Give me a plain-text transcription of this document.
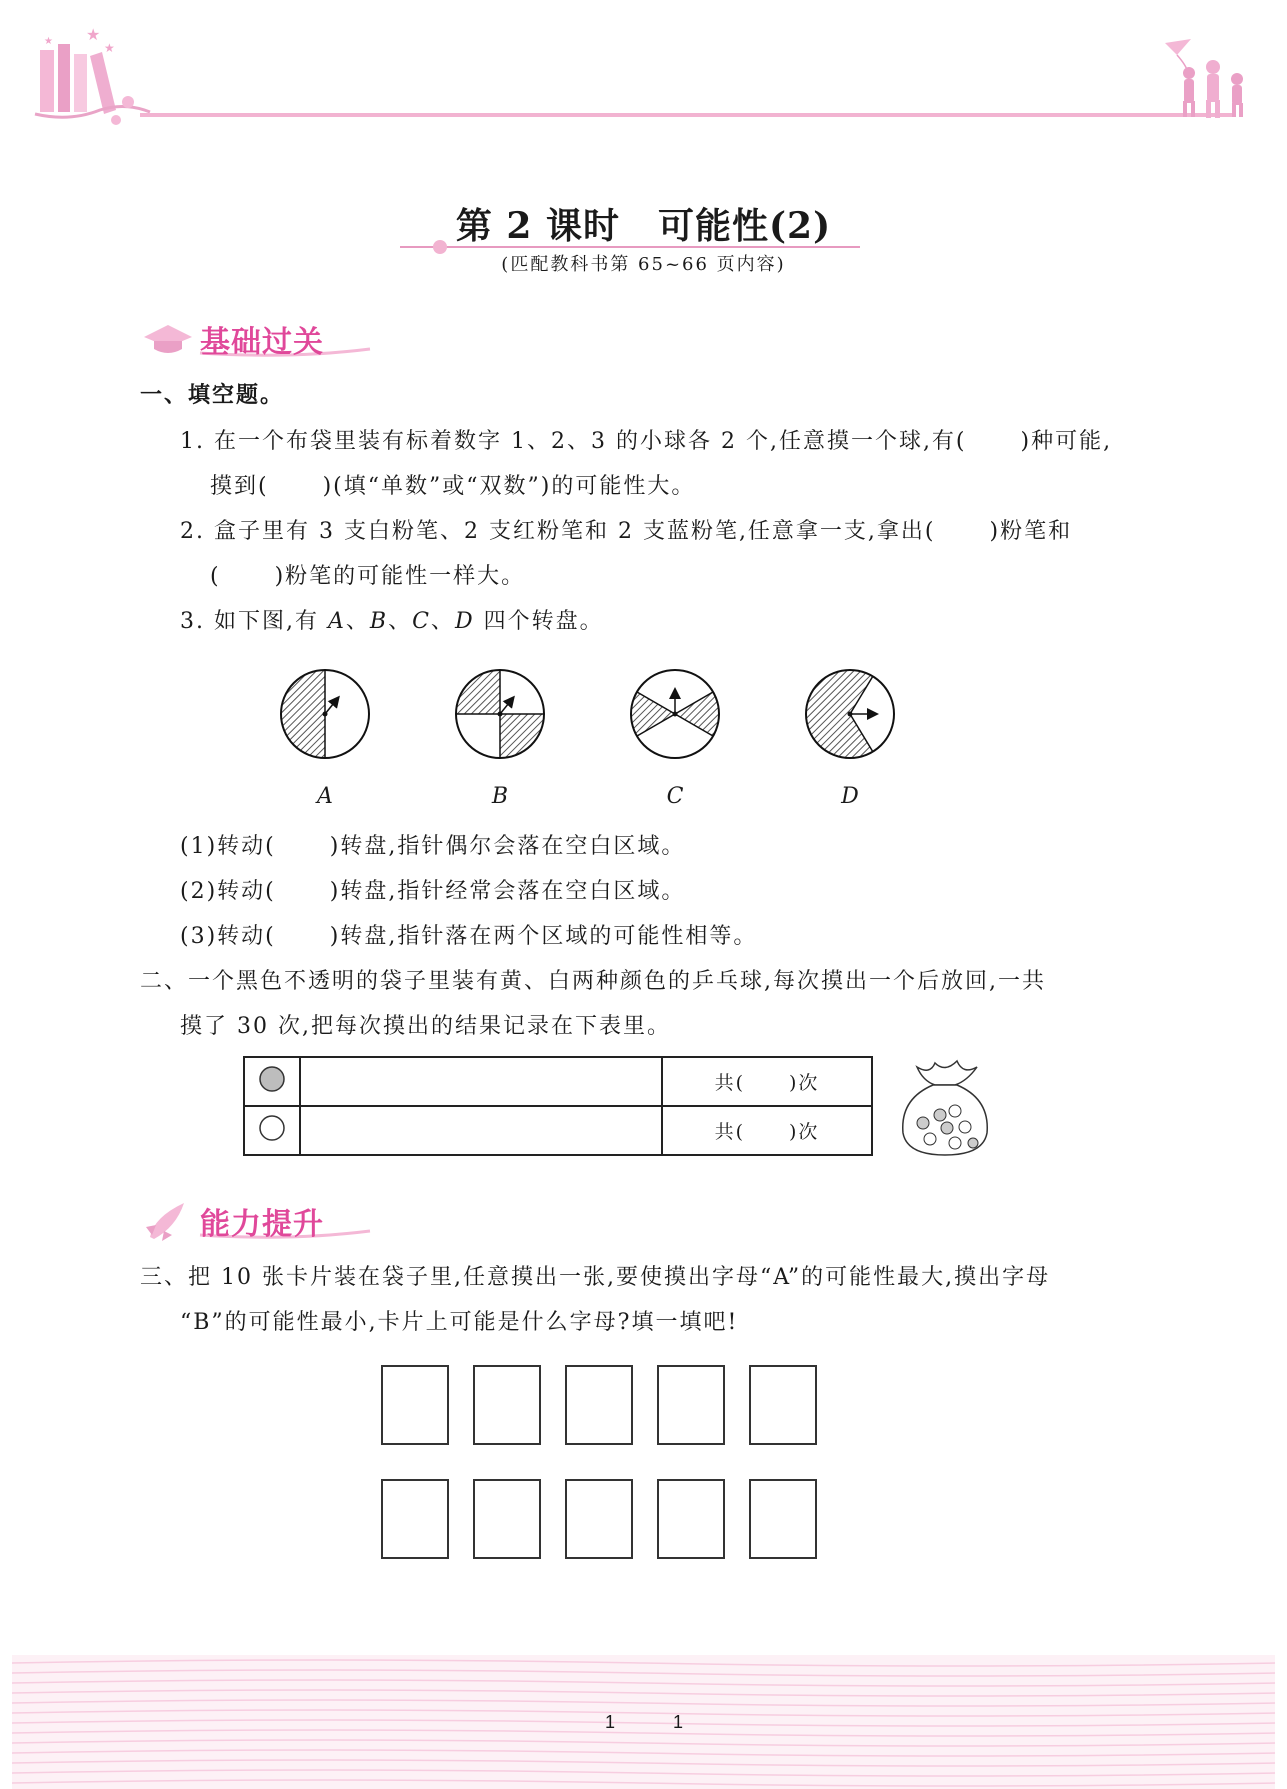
★
★
★
第 2 课时 可能性(2)
(匹配教科书第 65~66 页内容)
基础过关
一、填空题。
1. 在一个布袋里装有标着数字 1、2、3 的小球各 2 个,任意摸一个球,有( )种可能,
摸到( )(填“单数”或“双数”)的可能性大。
2. 盒子里有 3 支白粉笔、2 支红粉笔和 2 支蓝粉笔,任意拿一支,拿出( )粉笔和
( )粉笔的可能性一样大。
3. 如下图,有 A、B、C、D 四个转盘。
A	B	C	D
(1)转动( )转盘,指针偶尔会落在空白区域。
(2)转动( )转盘,指针经常会落在空白区域。
(3)转动( )转盘,指针落在两个区域的可能性相等。
二、一个黑色不透明的袋子里装有黄、白两种颜色的乒乓球,每次摸出一个后放回,一共
摸了 30 次,把每次摸出的结果记录在下表里。
		共( )次
		共( )次
能力提升
三、把 10 张卡片装在袋子里,任意摸出一张,要使摸出字母“A”的可能性最大,摸出字母
“B”的可能性最小,卡片上可能是什么字母?填一填吧!
1	1
